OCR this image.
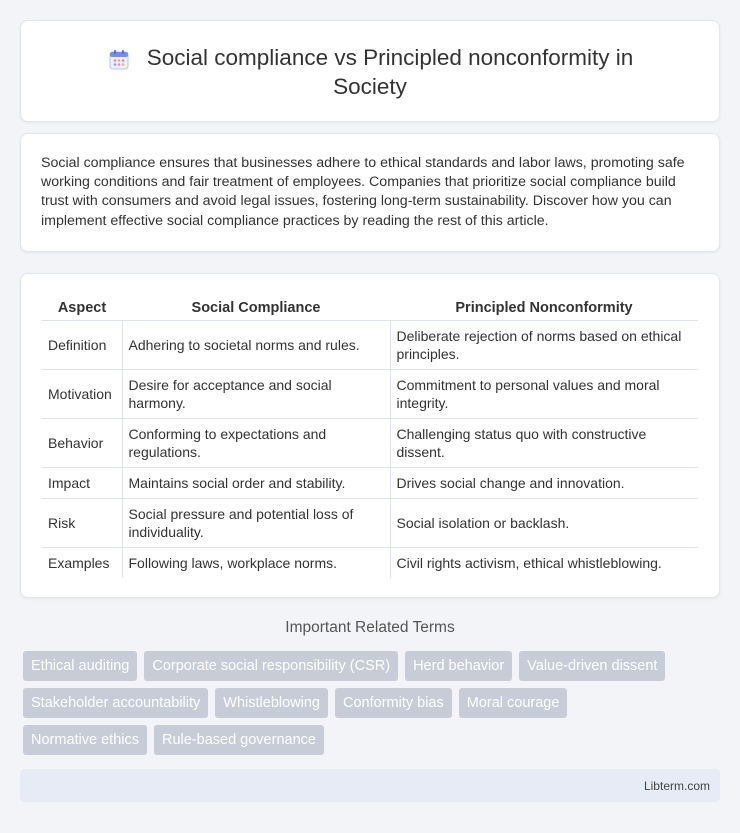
Social compliance vs Principled nonconformity in
Society

Social compliance ensures that businesses adhere to ethical standards and labor laws, promoting safe working conditions and fair treatment of employees. Companies that prioritize social compliance build trust with consumers and avoid legal issues, fostering long-term sustainability. Discover how you can implement effective social compliance practices by reading the rest of this article.

Aspect	Social Compliance	Principled Nonconformity
Definition	Adhering to societal norms and rules.	Deliberate rejection of norms based on ethical principles.
Motivation	Desire for acceptance and social harmony.	Commitment to personal values and moral integrity.
Behavior	Conforming to expectations and regulations.	Challenging status quo with constructive dissent.
Impact	Maintains social order and stability.	Drives social change and innovation.
Risk	Social pressure and potential loss of individuality.	Social isolation or backlash.
Examples	Following laws, workplace norms.	Civil rights activism, ethical whistleblowing.
Important Related Terms
Ethical auditing	Corporate social responsibility (CSR)	Herd behavior	Value-driven dissent
Stakeholder accountability	Whistleblowing	Conformity bias	Moral courage
Normative ethics	Rule-based governance
Libterm.com
